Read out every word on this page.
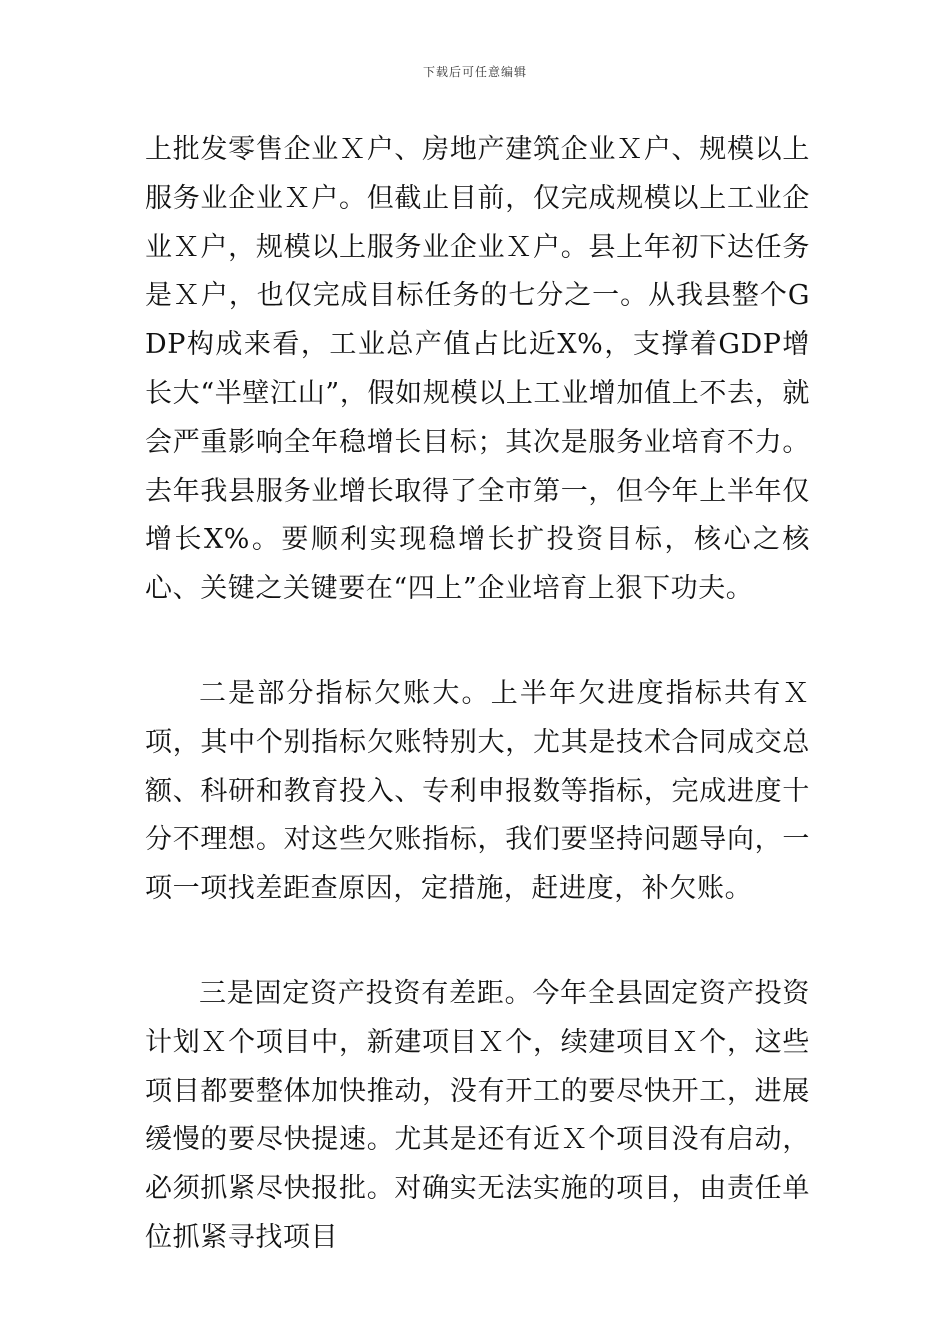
下载后可任意编辑

上批发零售企业Ｘ户、房地产建筑企业Ｘ户、规模以上服务业企业Ｘ户。但截止目前，仅完成规模以上工业企业Ｘ户，规模以上服务业企业Ｘ户。县上年初下达任务是Ｘ户，也仅完成目标任务的七分之一。从我县整个GDP构成来看，工业总产值占比近X%，支撑着GDP增长大“半壁江山”，假如规模以上工业增加值上不去，就会严重影响全年稳增长目标；其次是服务业培育不力。去年我县服务业增长取得了全市第一，但今年上半年仅增长X%。要顺利实现稳增长扩投资目标，核心之核心、关键之关键要在“四上”企业培育上狠下功夫。

二是部分指标欠账大。上半年欠进度指标共有Ｘ项，其中个别指标欠账特别大，尤其是技术合同成交总额、科研和教育投入、专利申报数等指标，完成进度十分不理想。对这些欠账指标，我们要坚持问题导向，一项一项找差距查原因，定措施，赶进度，补欠账。

三是固定资产投资有差距。今年全县固定资产投资计划Ｘ个项目中，新建项目Ｘ个，续建项目Ｘ个，这些项目都要整体加快推动，没有开工的要尽快开工，进展缓慢的要尽快提速。尤其是还有近Ｘ个项目没有启动，必须抓紧尽快报批。对确实无法实施的项目，由责任单位抓紧寻找项目
